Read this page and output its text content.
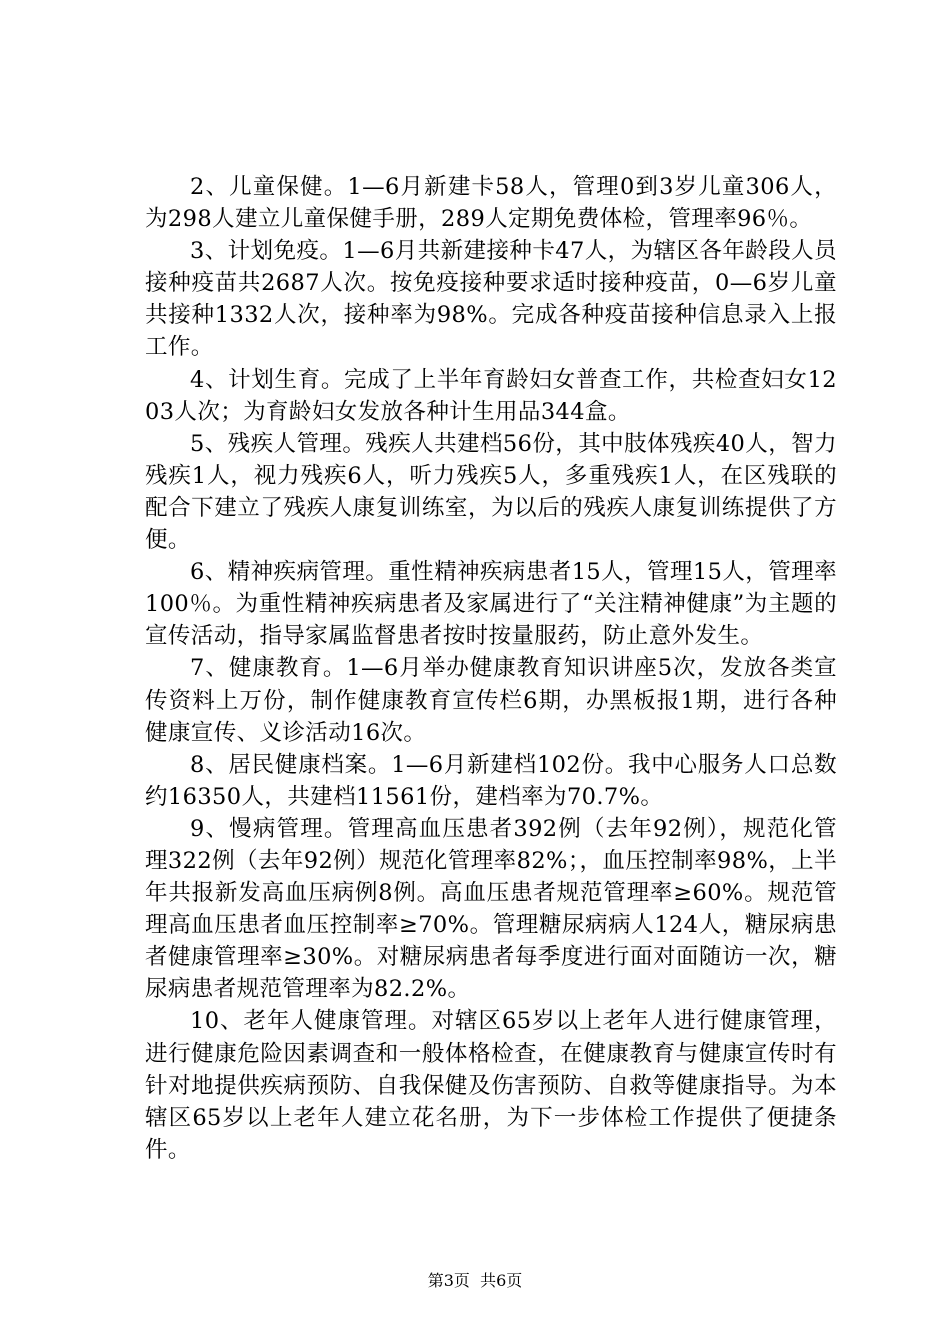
2、儿童保健。1—6月新建卡58人，管理0到3岁儿童306人，为298人建立儿童保健手册，289人定期免费体检，管理率96％。

3、计划免疫。1—6月共新建接种卡47人，为辖区各年龄段人员接种疫苗共2687人次。按免疫接种要求适时接种疫苗，0—6岁儿童共接种1332人次，接种率为98%。完成各种疫苗接种信息录入上报工作。

4、计划生育。完成了上半年育龄妇女普查工作，共检查妇女1203人次；为育龄妇女发放各种计生用品344盒。

5、残疾人管理。残疾人共建档56份，其中肢体残疾40人，智力残疾1人，视力残疾6人，听力残疾5人，多重残疾1人，在区残联的配合下建立了残疾人康复训练室，为以后的残疾人康复训练提供了方便。

6、精神疾病管理。重性精神疾病患者15人，管理15人，管理率100％。为重性精神疾病患者及家属进行了“关注精神健康”为主题的宣传活动，指导家属监督患者按时按量服药，防止意外发生。

7、健康教育。1—6月举办健康教育知识讲座5次，发放各类宣传资料上万份，制作健康教育宣传栏6期，办黑板报1期，进行各种健康宣传、义诊活动16次。

8、居民健康档案。1—6月新建档102份。我中心服务人口总数约16350人，共建档11561份，建档率为70.7%。

9、慢病管理。管理高血压患者392例（去年92例），规范化管理322例（去年92例）规范化管理率82%；，血压控制率98%，上半年共报新发高血压病例8例。高血压患者规范管理率≥60%。规范管理高血压患者血压控制率≥70%。管理糖尿病病人124人，糖尿病患者健康管理率≥30%。对糖尿病患者每季度进行面对面随访一次，糖尿病患者规范管理率为82.2%。

10、老年人健康管理。对辖区65岁以上老年人进行健康管理，进行健康危险因素调查和一般体格检查，在健康教育与健康宣传时有针对地提供疾病预防、自我保健及伤害预防、自救等健康指导。为本辖区65岁以上老年人建立花名册，为下一步体检工作提供了便捷条件。

第3页  共6页
